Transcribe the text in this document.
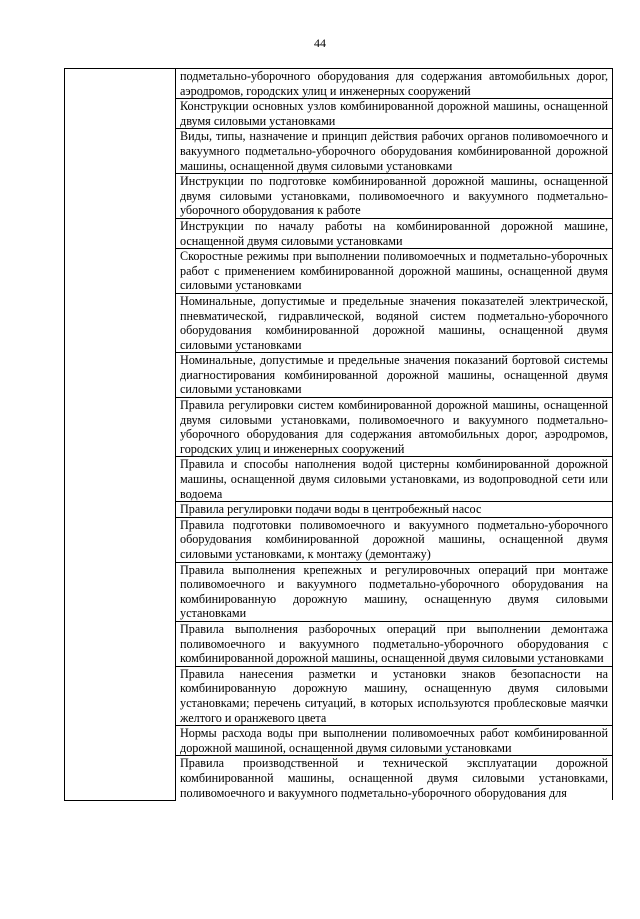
44
	подметально-уборочного оборудования для содержания автомобильных дорог, аэродромов, городских улиц и инженерных сооружений
Конструкции основных узлов комбинированной дорожной машины, оснащенной двумя силовыми установками
Виды, типы, назначение и принцип действия рабочих органов поливомоечного и вакуумного подметально-уборочного оборудования комбинированной дорожной машины, оснащенной двумя силовыми установками
Инструкции по подготовке комбинированной дорожной машины, оснащенной двумя силовыми установками, поливомоечного и вакуумного подметально-уборочного оборудования к работе
Инструкции по началу работы на комбинированной дорожной машине, оснащенной двумя силовыми установками
Скоростные режимы при выполнении поливомоечных и подметально-уборочных работ с применением комбинированной дорожной машины, оснащенной двумя силовыми установками
Номинальные, допустимые и предельные значения показателей электрической, пневматической, гидравлической, водяной систем подметально-уборочного оборудования комбинированной дорожной машины, оснащенной двумя силовыми установками
Номинальные, допустимые и предельные значения показаний бортовой системы диагностирования комбинированной дорожной машины, оснащенной двумя силовыми установками
Правила регулировки систем комбинированной дорожной машины, оснащенной двумя силовыми установками, поливомоечного и вакуумного подметально-уборочного оборудования для содержания автомобильных дорог, аэродромов, городских улиц и инженерных сооружений
Правила и способы наполнения водой цистерны комбинированной дорожной машины, оснащенной двумя силовыми установками, из водопроводной сети или водоема
Правила регулировки подачи воды в центробежный насос
Правила подготовки поливомоечного и вакуумного подметально-уборочного оборудования комбинированной дорожной машины, оснащенной двумя силовыми установками, к монтажу (демонтажу)
Правила выполнения крепежных и регулировочных операций при монтаже поливомоечного и вакуумного подметально-уборочного оборудования на комбинированную дорожную машину, оснащенную двумя силовыми установками
Правила выполнения разборочных операций при выполнении демонтажа поливомоечного и вакуумного подметально-уборочного оборудования с комбинированной дорожной машины, оснащенной двумя силовыми установками
Правила нанесения разметки и установки знаков безопасности на комбинированную дорожную машину, оснащенную двумя силовыми установками; перечень ситуаций, в которых используются проблесковые маячки желтого и оранжевого цвета
Нормы расхода воды при выполнении поливомоечных работ комбинированной дорожной машиной, оснащенной двумя силовыми установками
Правила производственной и технической эксплуатации дорожной комбинированной машины, оснащенной двумя силовыми установками, поливомоечного и вакуумного подметально-уборочного оборудования для
